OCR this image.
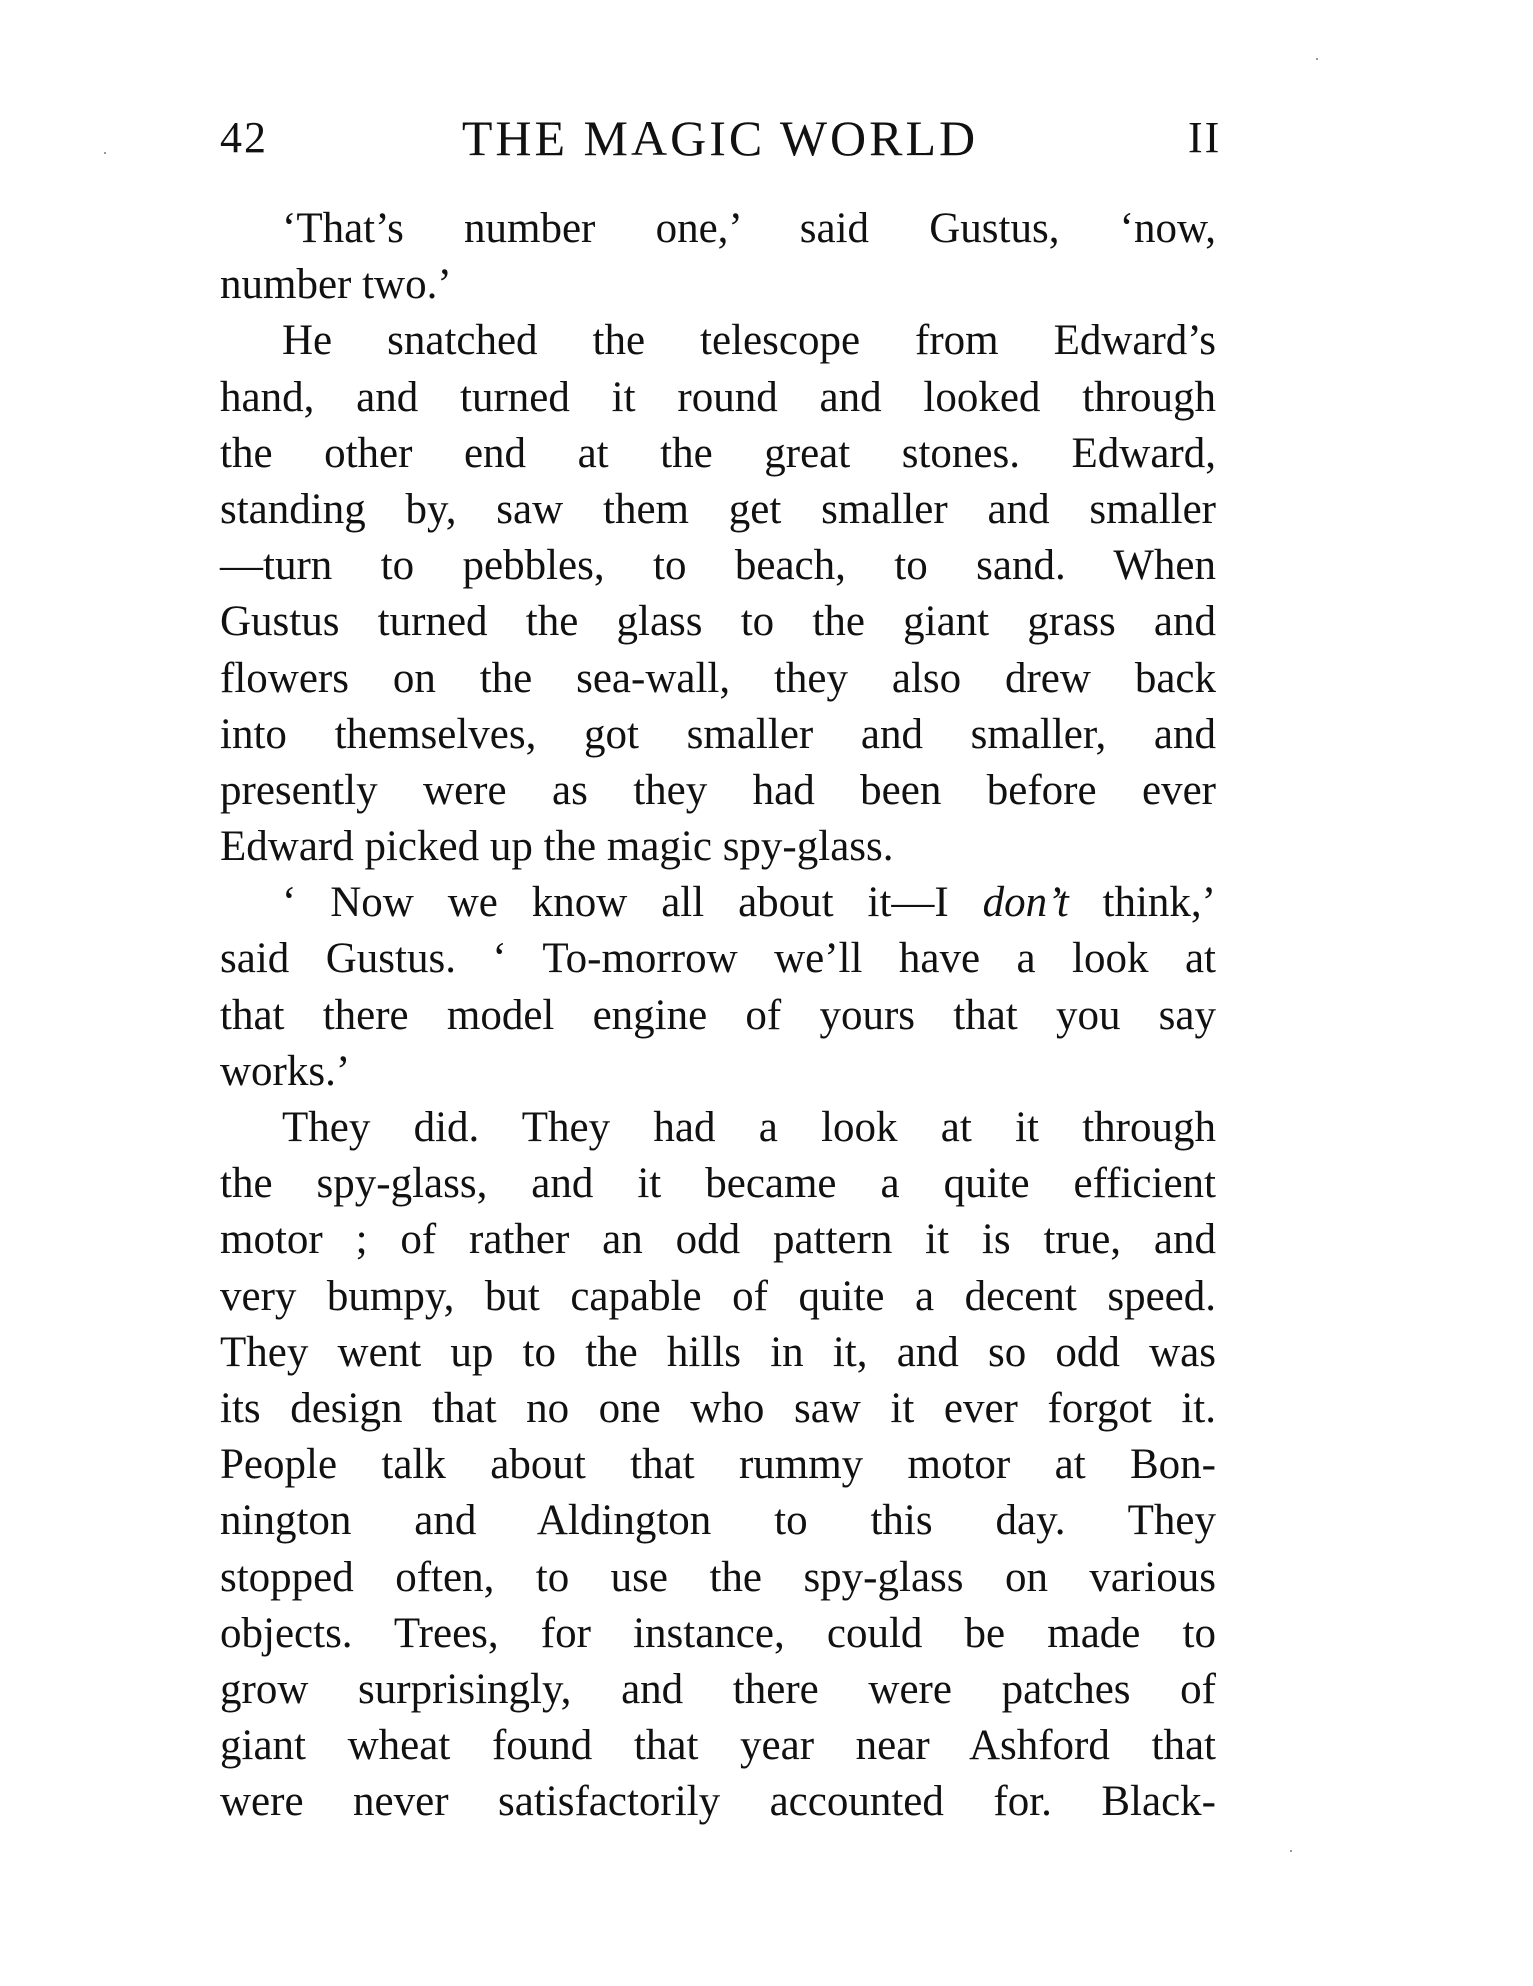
42	THE MAGIC WORLD	II
‘That’s number one,’ said Gustus, ‘now,
number two.’
He snatched the telescope from Edward’s
hand, and turned it round and looked through
the other end at the great stones. Edward,
standing by, saw them get smaller and smaller
—turn to pebbles, to beach, to sand. When
Gustus turned the glass to the giant grass and
flowers on the sea-wall, they also drew back
into themselves, got smaller and smaller, and
presently were as they had been before ever
Edward picked up the magic spy-glass.
‘ Now we know all about it—I don’t think,’
said Gustus. ‘ To-morrow we’ll have a look at
that there model engine of yours that you say
works.’
They did. They had a look at it through
the spy-glass, and it became a quite efficient
motor ; of rather an odd pattern it is true, and
very bumpy, but capable of quite a decent speed.
They went up to the hills in it, and so odd was
its design that no one who saw it ever forgot it.
People talk about that rummy motor at Bon-
nington and Aldington to this day. They
stopped often, to use the spy-glass on various
objects. Trees, for instance, could be made to
grow surprisingly, and there were patches of
giant wheat found that year near Ashford that
were never satisfactorily accounted for. Black-
